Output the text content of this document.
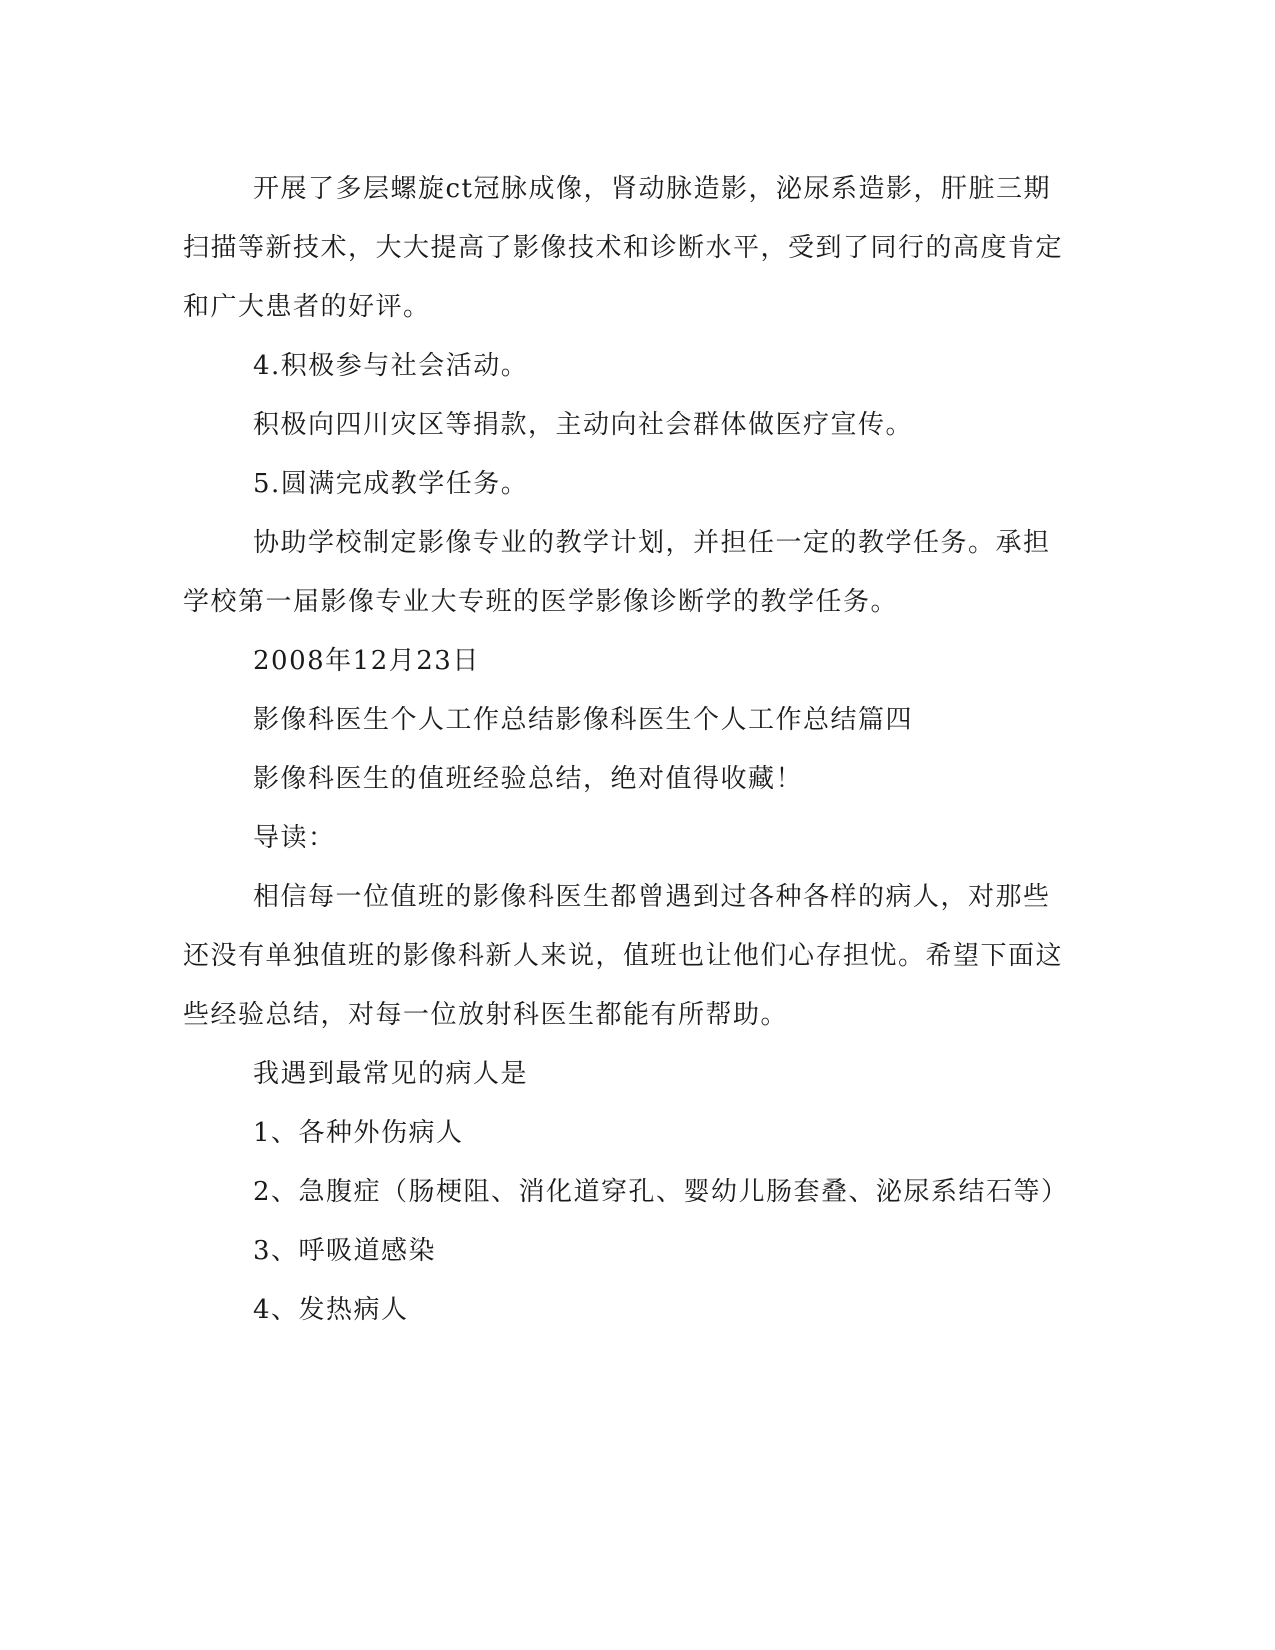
开展了多层螺旋ct冠脉成像，肾动脉造影，泌尿系造影，肝脏三期扫描等新技术，大大提高了影像技术和诊断水平，受到了同行的高度肯定和广大患者的好评。

4.积极参与社会活动。

积极向四川灾区等捐款，主动向社会群体做医疗宣传。

5.圆满完成教学任务。

协助学校制定影像专业的教学计划，并担任一定的教学任务。承担学校第一届影像专业大专班的医学影像诊断学的教学任务。

2008年12月23日

影像科医生个人工作总结影像科医生个人工作总结篇四

影像科医生的值班经验总结，绝对值得收藏！

导读：

相信每一位值班的影像科医生都曾遇到过各种各样的病人，对那些还没有单独值班的影像科新人来说，值班也让他们心存担忧。希望下面这些经验总结，对每一位放射科医生都能有所帮助。

我遇到最常见的病人是

1、各种外伤病人

2、急腹症（肠梗阻、消化道穿孔、婴幼儿肠套叠、泌尿系结石等）

3、呼吸道感染

4、发热病人
